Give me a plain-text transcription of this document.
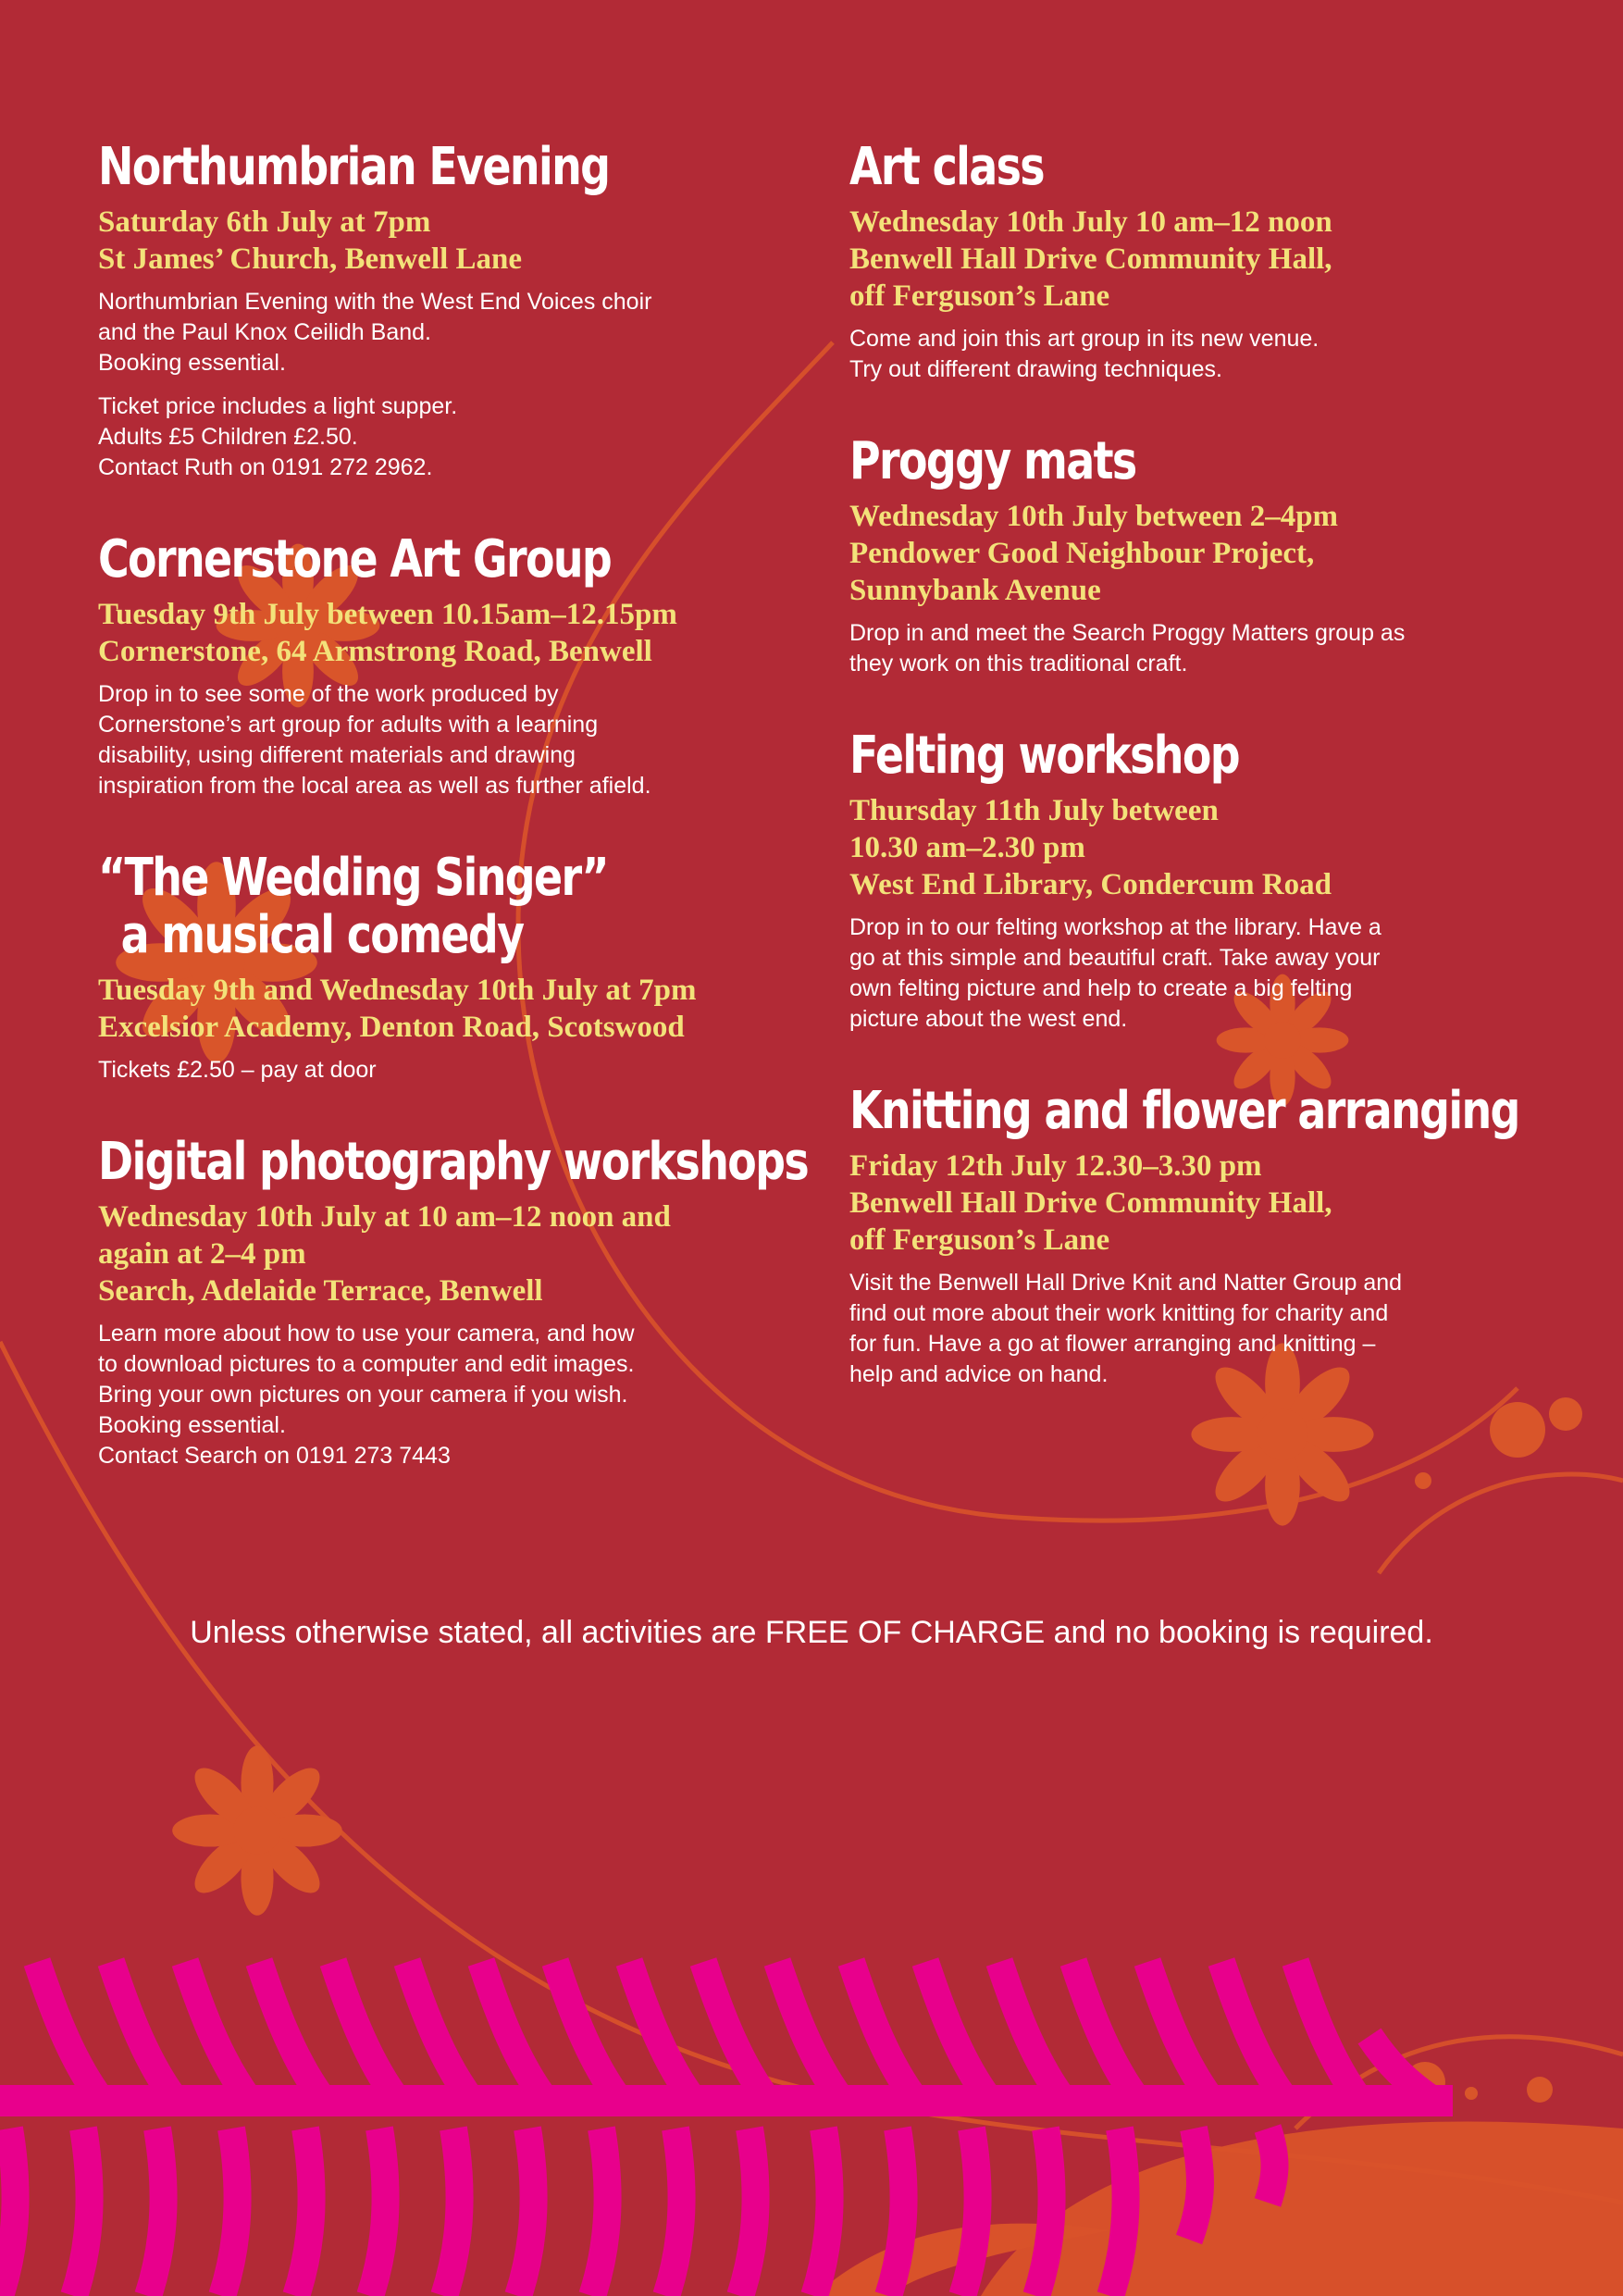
Northumbrian Evening

Saturday 6th July at 7pm
St James’ Church, Benwell Lane

Northumbrian Evening with the West End Voices choir
and the Paul Knox Ceilidh Band.
Booking essential.

Ticket price includes a light supper.
Adults £5 Children £2.50.
Contact Ruth on 0191 272 2962.

Cornerstone Art Group

Tuesday 9th July between 10.15am–12.15pm
Cornerstone, 64 Armstrong Road, Benwell

Drop in to see some of the work produced by
Cornerstone’s art group for adults with a learning
disability, using different materials and drawing
inspiration from the local area as well as further afield.

“The Wedding Singer”
a musical comedy

Tuesday 9th and Wednesday 10th July at 7pm
Excelsior Academy, Denton Road, Scotswood

Tickets £2.50 – pay at door

Digital photography workshops

Wednesday 10th July at 10 am–12 noon and
again at 2–4 pm
Search, Adelaide Terrace, Benwell

Learn more about how to use your camera, and how
to download pictures to a computer and edit images.
Bring your own pictures on your camera if you wish.
Booking essential.
Contact Search on 0191 273 7443

Art class

Wednesday 10th July 10 am–12 noon
Benwell Hall Drive Community Hall,
off Ferguson’s Lane

Come and join this art group in its new venue.
Try out different drawing techniques.

Proggy mats

Wednesday 10th July between 2–4pm
Pendower Good Neighbour Project,
Sunnybank Avenue

Drop in and meet the Search Proggy Matters group as
they work on this traditional craft.

Felting workshop

Thursday 11th July between
10.30 am–2.30 pm
West End Library, Condercum Road

Drop in to our felting workshop at the library. Have a
go at this simple and beautiful craft. Take away your
own felting picture and help to create a big felting
picture about the west end.

Knitting and flower arranging

Friday 12th July 12.30–3.30 pm
Benwell Hall Drive Community Hall,
off Ferguson’s Lane

Visit the Benwell Hall Drive Knit and Natter Group and
find out more about their work knitting for charity and
for fun. Have a go at flower arranging and knitting –
help and advice on hand.

Unless otherwise stated, all activities are FREE OF CHARGE and no booking is required.
